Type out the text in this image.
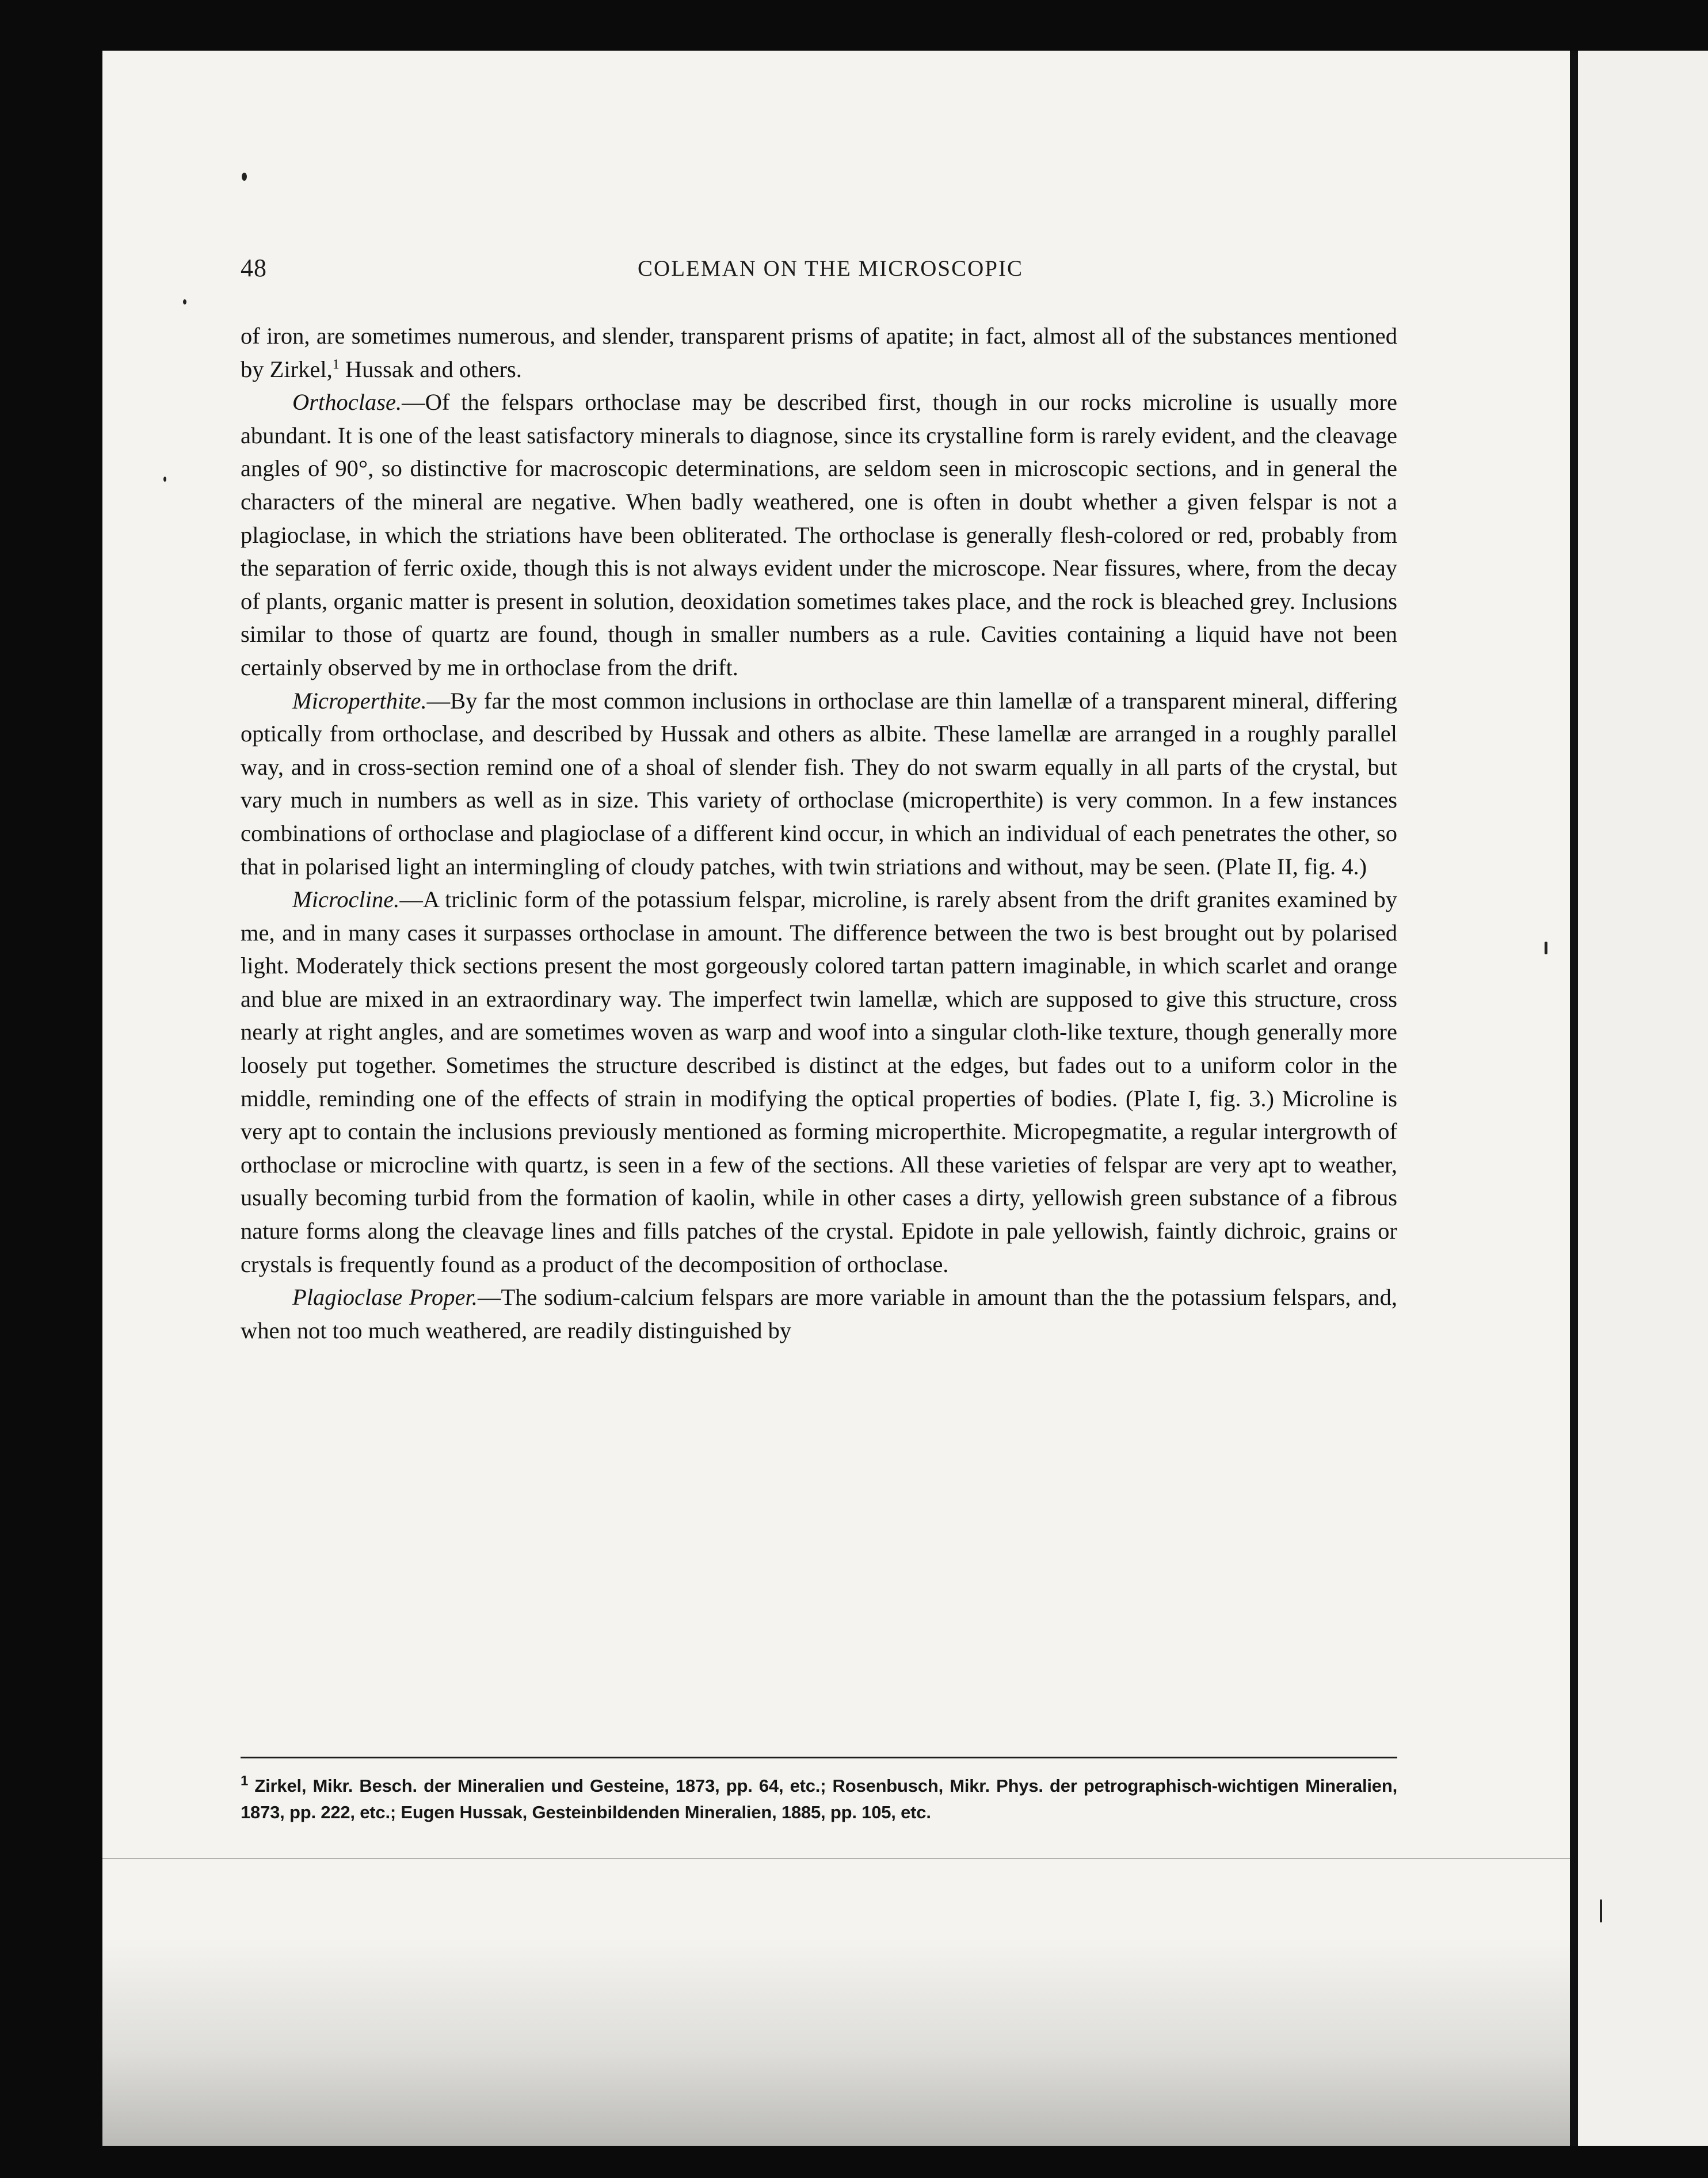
48	COLEMAN ON THE MICROSCOPIC

of iron, are sometimes numerous, and slender, transparent prisms of apatite; in fact, almost all of the substances mentioned by Zirkel,$^1$ Hussak and others.

Orthoclase.—Of the felspars orthoclase may be described first, though in our rocks microline is usually more abundant. It is one of the least satisfactory minerals to diagnose, since its crystalline form is rarely evident, and the cleavage angles of 90°, so distinctive for macroscopic determinations, are seldom seen in microscopic sections, and in general the characters of the mineral are negative. When badly weathered, one is often in doubt whether a given felspar is not a plagioclase, in which the striations have been obliterated. The orthoclase is generally flesh-colored or red, probably from the separation of ferric oxide, though this is not always evident under the microscope. Near fissures, where, from the decay of plants, organic matter is present in solution, deoxidation sometimes takes place, and the rock is bleached grey. Inclusions similar to those of quartz are found, though in smaller numbers as a rule. Cavities containing a liquid have not been certainly observed by me in orthoclase from the drift.

Microperthite.—By far the most common inclusions in orthoclase are thin lamellæ of a transparent mineral, differing optically from orthoclase, and described by Hussak and others as albite. These lamellæ are arranged in a roughly parallel way, and in cross-section remind one of a shoal of slender fish. They do not swarm equally in all parts of the crystal, but vary much in numbers as well as in size. This variety of orthoclase (microperthite) is very common. In a few instances combinations of orthoclase and plagioclase of a different kind occur, in which an individual of each penetrates the other, so that in polarised light an intermingling of cloudy patches, with twin striations and without, may be seen. (Plate II, fig. 4.)

Microcline.—A triclinic form of the potassium felspar, microline, is rarely absent from the drift granites examined by me, and in many cases it surpasses orthoclase in amount. The difference between the two is best brought out by polarised light. Moderately thick sections present the most gorgeously colored tartan pattern imaginable, in which scarlet and orange and blue are mixed in an extraordinary way. The imperfect twin lamellæ, which are supposed to give this structure, cross nearly at right angles, and are sometimes woven as warp and woof into a singular cloth-like texture, though generally more loosely put together. Sometimes the structure described is distinct at the edges, but fades out to a uniform color in the middle, reminding one of the effects of strain in modifying the optical properties of bodies. (Plate I, fig. 3.) Microline is very apt to contain the inclusions previously mentioned as forming microperthite. Micropegmatite, a regular intergrowth of orthoclase or microcline with quartz, is seen in a few of the sections. All these varieties of felspar are very apt to weather, usually becoming turbid from the formation of kaolin, while in other cases a dirty, yellowish green substance of a fibrous nature forms along the cleavage lines and fills patches of the crystal. Epidote in pale yellowish, faintly dichroic, grains or crystals is frequently found as a product of the decomposition of orthoclase.

Plagioclase Proper.—The sodium-calcium felspars are more variable in amount than the the potassium felspars, and, when not too much weathered, are readily distinguished by

$^1$ Zirkel, Mikr. Besch. der Mineralien und Gesteine, 1873, pp. 64, etc.; Rosenbusch, Mikr. Phys. der petrographisch-wichtigen Mineralien, 1873, pp. 222, etc.; Eugen Hussak, Gesteinbildenden Mineralien, 1885, pp. 105, etc.
